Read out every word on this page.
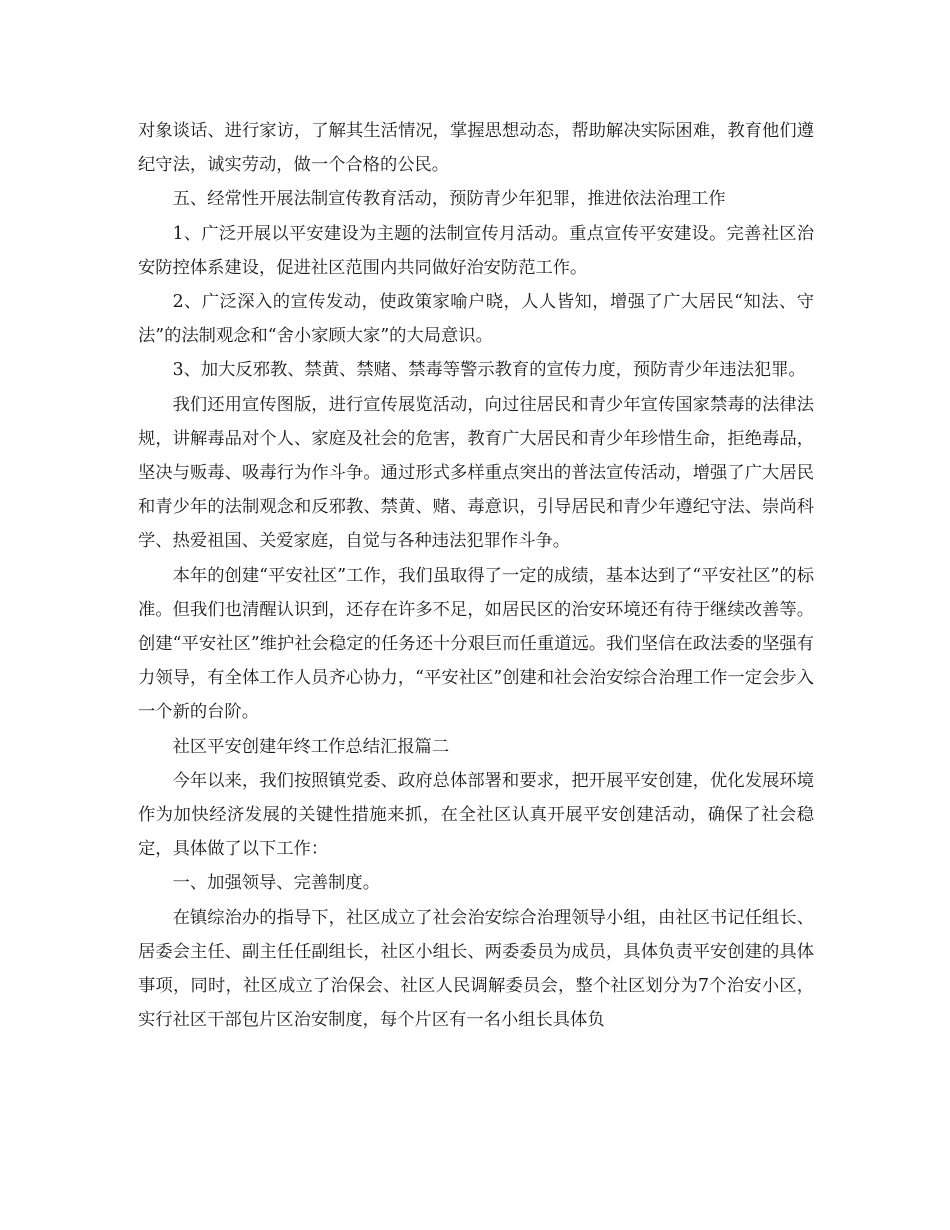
对象谈话、进行家访，了解其生活情况，掌握思想动态，帮助解决实际困难，教育他们遵纪守法，诚实劳动，做一个合格的公民。

五、经常性开展法制宣传教育活动，预防青少年犯罪，推进依法治理工作

1、广泛开展以平安建设为主题的法制宣传月活动。重点宣传平安建设。完善社区治安防控体系建设，促进社区范围内共同做好治安防范工作。

2、广泛深入的宣传发动，使政策家喻户晓，人人皆知，增强了广大居民“知法、守法”的法制观念和“舍小家顾大家”的大局意识。

3、加大反邪教、禁黄、禁赌、禁毒等警示教育的宣传力度，预防青少年违法犯罪。

我们还用宣传图版，进行宣传展览活动，向过往居民和青少年宣传国家禁毒的法律法规，讲解毒品对个人、家庭及社会的危害，教育广大居民和青少年珍惜生命，拒绝毒品，坚决与贩毒、吸毒行为作斗争。通过形式多样重点突出的普法宣传活动，增强了广大居民和青少年的法制观念和反邪教、禁黄、赌、毒意识，引导居民和青少年遵纪守法、崇尚科学、热爱祖国、关爱家庭，自觉与各种违法犯罪作斗争。

本年的创建“平安社区”工作，我们虽取得了一定的成绩，基本达到了“平安社区”的标准。但我们也清醒认识到，还存在许多不足，如居民区的治安环境还有待于继续改善等。创建“平安社区”维护社会稳定的任务还十分艰巨而任重道远。我们坚信在政法委的坚强有力领导，有全体工作人员齐心协力，“平安社区”创建和社会治安综合治理工作一定会步入一个新的台阶。

社区平安创建年终工作总结汇报篇二

今年以来，我们按照镇党委、政府总体部署和要求，把开展平安创建，优化发展环境作为加快经济发展的关键性措施来抓，在全社区认真开展平安创建活动，确保了社会稳定，具体做了以下工作：

一、加强领导、完善制度。

在镇综治办的指导下，社区成立了社会治安综合治理领导小组，由社区书记任组长、居委会主任、副主任任副组长，社区小组长、两委委员为成员，具体负责平安创建的具体事项，同时，社区成立了治保会、社区人民调解委员会，整个社区划分为7个治安小区，实行社区干部包片区治安制度，每个片区有一名小组长具体负
